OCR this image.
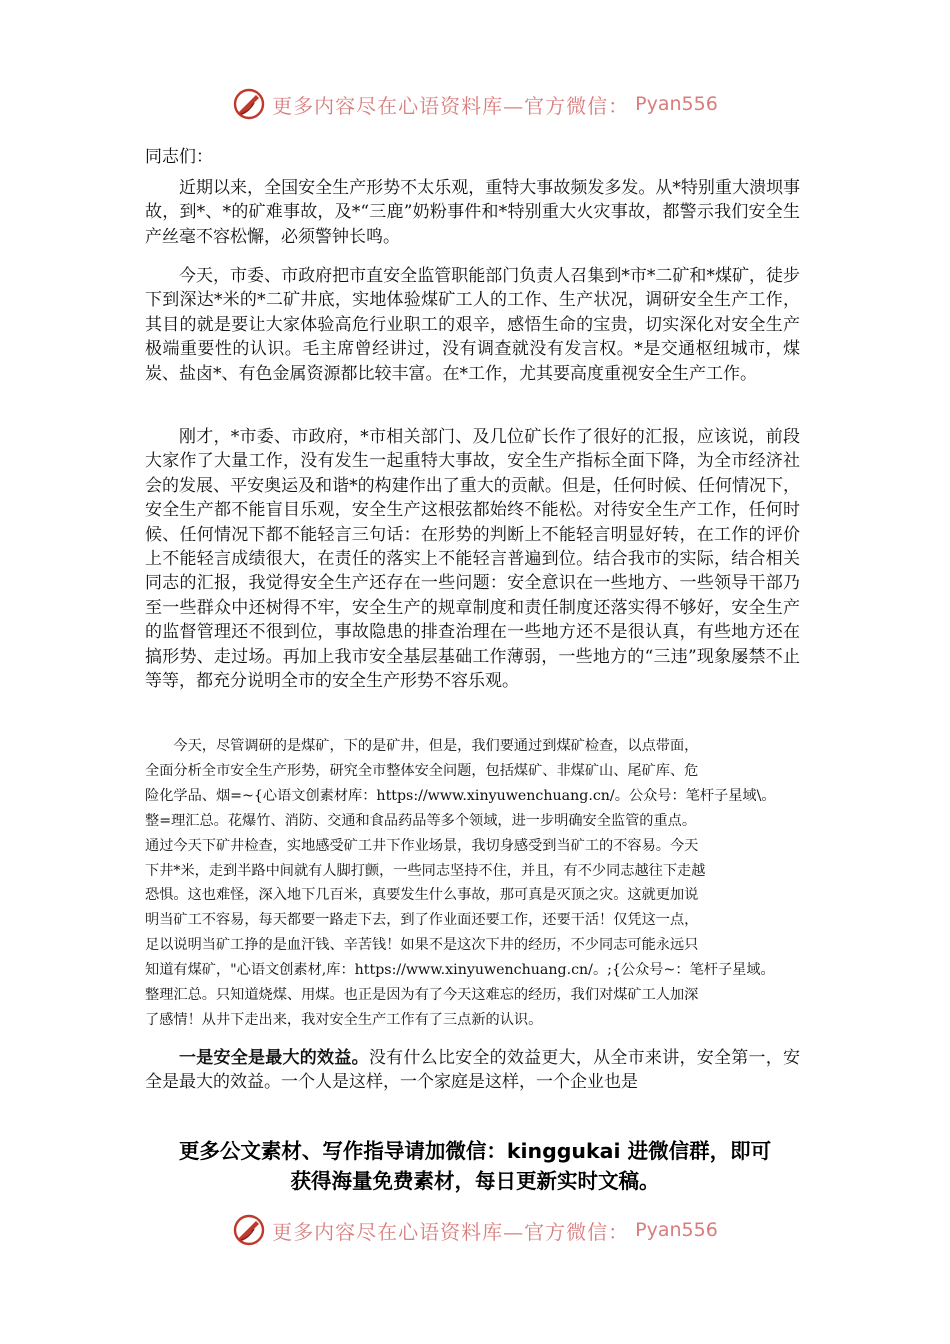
更多内容尽在心语资料库—官方微信： Pyan556
同志们：

近期以来，全国安全生产形势不太乐观，重特大事故频发多发。从*特别重大溃坝事故，到*、*的矿难事故，及*“三鹿”奶粉事件和*特别重大火灾事故，都警示我们安全生产丝毫不容松懈，必须警钟长鸣。

今天，市委、市政府把市直安全监管职能部门负责人召集到*市*二矿和*煤矿，徒步下到深达*米的*二矿井底，实地体验煤矿工人的工作、生产状况，调研安全生产工作，其目的就是要让大家体验高危行业职工的艰辛，感悟生命的宝贵，切实深化对安全生产极端重要性的认识。毛主席曾经讲过，没有调查就没有发言权。*是交通枢纽城市，煤炭、盐卤*、有色金属资源都比较丰富。在*工作，尤其要高度重视安全生产工作。

刚才，*市委、市政府，*市相关部门、及几位矿长作了很好的汇报，应该说，前段大家作了大量工作，没有发生一起重特大事故，安全生产指标全面下降，为全市经济社会的发展、平安奥运及和谐*的构建作出了重大的贡献。但是，任何时候、任何情况下，安全生产都不能盲目乐观，安全生产这根弦都始终不能松。对待安全生产工作，任何时候、任何情况下都不能轻言三句话：在形势的判断上不能轻言明显好转，在工作的评价上不能轻言成绩很大，在责任的落实上不能轻言普遍到位。结合我市的实际，结合相关同志的汇报，我觉得安全生产还存在一些问题：安全意识在一些地方、一些领导干部乃至一些群众中还树得不牢，安全生产的规章制度和责任制度还落实得不够好，安全生产的监督管理还不很到位，事故隐患的排查治理在一些地方还不是很认真，有些地方还在搞形势、走过场。再加上我市安全基层基础工作薄弱，一些地方的“三违”现象屡禁不止等等，都充分说明全市的安全生产形势不容乐观。

今天，尽管调研的是煤矿，下的是矿井，但是，我们要通过到煤矿检查，以点带面，
全面分析全市安全生产形势，研究全市整体安全问题，包括煤矿、非煤矿山、尾矿库、危
险化学品、烟=~{心语文创素材库：https://www.xinyuwenchuang.cn/。公众号：笔杆子星域\。
整=理汇总。花爆竹、消防、交通和食品药品等多个领域，进一步明确安全监管的重点。
通过今天下矿井检查，实地感受矿工井下作业场景，我切身感受到当矿工的不容易。今天
下井*米，走到半路中间就有人脚打颤，一些同志坚持不住，并且，有不少同志越往下走越
恐惧。这也难怪，深入地下几百米，真要发生什么事故，那可真是灭顶之灾。这就更加说
明当矿工不容易，每天都要一路走下去，到了作业面还要工作，还要干活！仅凭这一点，
足以说明当矿工挣的是血汗钱、辛苦钱！如果不是这次下井的经历，不少同志可能永远只
知道有煤矿，"心语文创素材,库：https://www.xinyuwenchuang.cn/。;{公众号~：笔杆子星域。
整理汇总。只知道烧煤、用煤。也正是因为有了今天这难忘的经历，我们对煤矿工人加深
了感情！从井下走出来，我对安全生产工作有了三点新的认识。

一是安全是最大的效益。没有什么比安全的效益更大，从全市来讲，安全第一，安全是最大的效益。一个人是这样，一个家庭是这样，一个企业也是

更多公文素材、写作指导请加微信：kinggukai 进微信群，即可
获得海量免费素材，每日更新实时文稿。
更多内容尽在心语资料库—官方微信： Pyan556
